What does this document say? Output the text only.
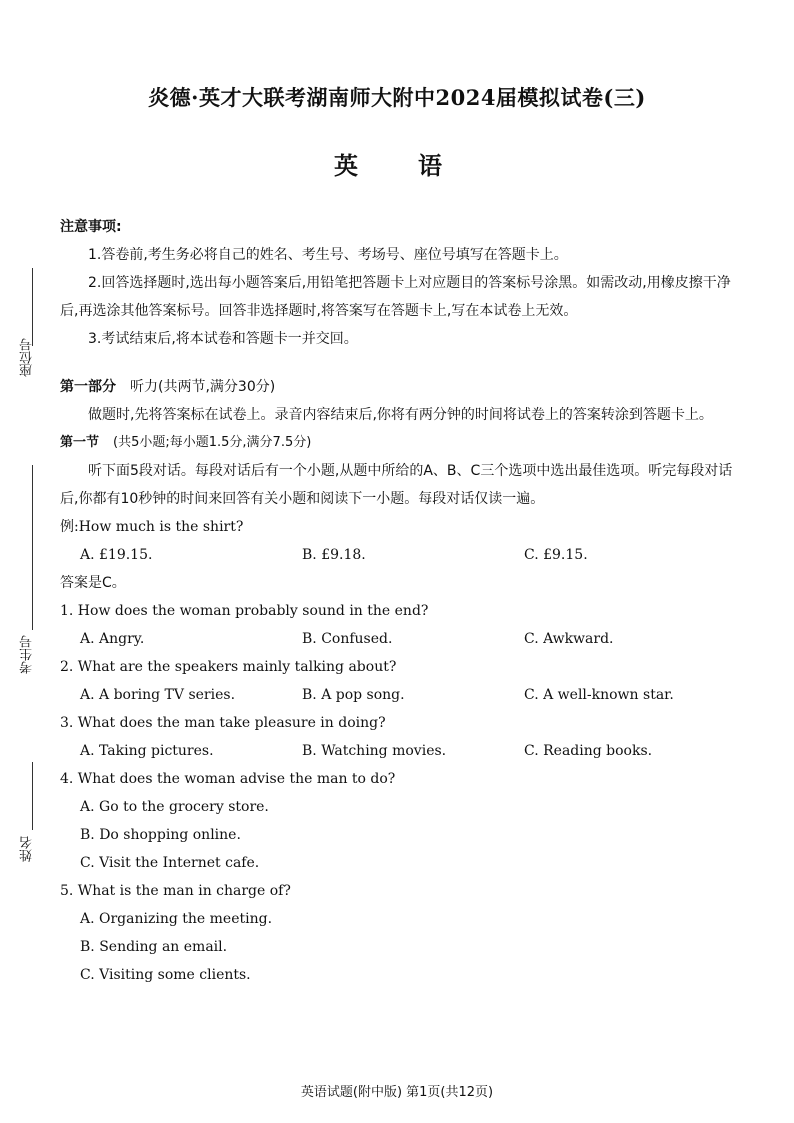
炎德·英才大联考湖南师大附中2024届模拟试卷(三)
英　语
座位号
考生号
姓名

注意事项:

1.答卷前,考生务必将自己的姓名、考生号、考场号、座位号填写在答题卡上。

2.回答选择题时,选出每小题答案后,用铅笔把答题卡上对应题目的答案标号涂黑。如需改动,用橡皮擦干净后,再选涂其他答案标号。回答非选择题时,将答案写在答题卡上,写在本试卷上无效。

3.考试结束后,将本试卷和答题卡一并交回。

第一部分 听力(共两节,满分30分)

做题时,先将答案标在试卷上。录音内容结束后,你将有两分钟的时间将试卷上的答案转涂到答题卡上。

第一节 (共5小题;每小题1.5分,满分7.5分)

听下面5段对话。每段对话后有一个小题,从题中所给的A、B、C三个选项中选出最佳选项。听完每段对话后,你都有10秒钟的时间来回答有关小题和阅读下一小题。每段对话仅读一遍。

例:How much is the shirt?

A. £19.15.	B. £9.18.	C. £9.15.

答案是C。

1. How does the woman probably sound in the end?

A. Angry.	B. Confused.	C. Awkward.

2. What are the speakers mainly talking about?

A. A boring TV series.	B. A pop song.	C. A well-known star.

3. What does the man take pleasure in doing?

A. Taking pictures.	B. Watching movies.	C. Reading books.

4. What does the woman advise the man to do?

A. Go to the grocery store.

B. Do shopping online.

C. Visit the Internet cafe.

5. What is the man in charge of?

A. Organizing the meeting.

B. Sending an email.

C. Visiting some clients.

英语试题(附中版) 第1页(共12页)
